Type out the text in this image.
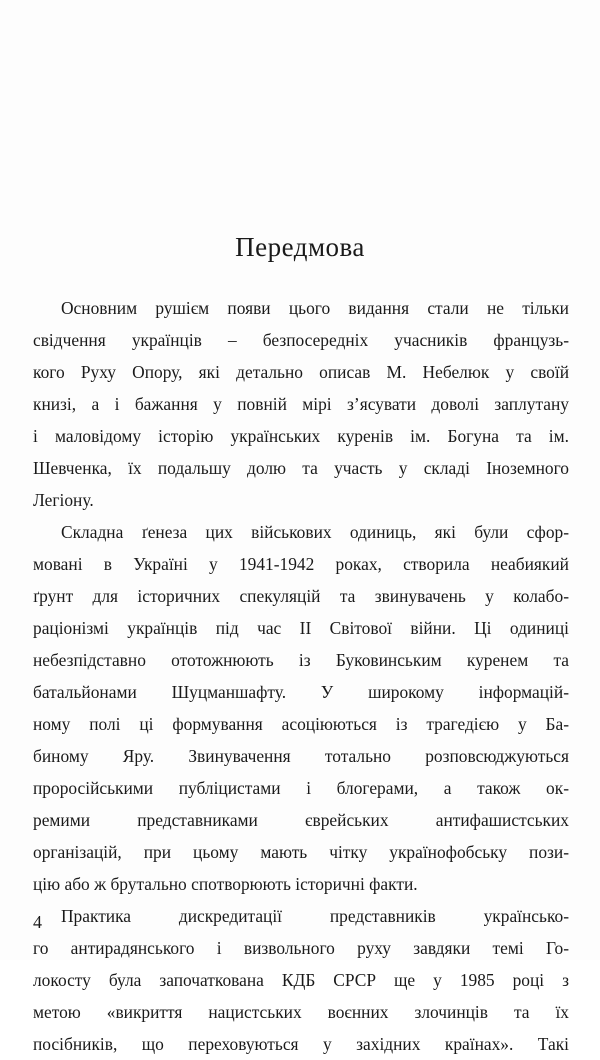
Передмова
Основним рушієм появи цього видання стали не тільки
свідчення українців – безпосередніх учасників французь-
кого Руху Опору, які детально описав М. Небелюк у своїй
книзі, а і бажання у повній мірі з’ясувати доволі заплутану
і маловідому історію українських куренів ім. Богуна та ім.
Шевченка, їх подальшу долю та участь у складі Іноземного
Легіону.
Складна ґенеза цих військових одиниць, які були сфор-
мовані в Україні у 1941-1942 роках, створила неабиякий
ґрунт для історичних спекуляцій та звинувачень у колабо-
раціонізмі українців під час ІІ Світової війни. Ці одиниці
небезпідставно ототожнюють із Буковинським куренем та
батальйонами Шуцманшафту. У широкому інформацій-
ному полі ці формування асоціюються із трагедією у Ба-
биному Яру. Звинувачення тотально розповсюджуються
проросійськими публіцистами і блогерами, а також ок-
ремими представниками єврейських антифашистських
організацій, при цьому мають чітку українофобську пози-
цію або ж брутально спотворюють історичні факти.
Практика дискредитації представників українсько-
го антирадянського і визвольного руху завдяки темі Го-
локосту була започаткована КДБ СРСР ще у 1985 році з
метою «викриття нацистських воєнних злочинців та їх
посібників, що переховуються у західних країнах». Такі
4
